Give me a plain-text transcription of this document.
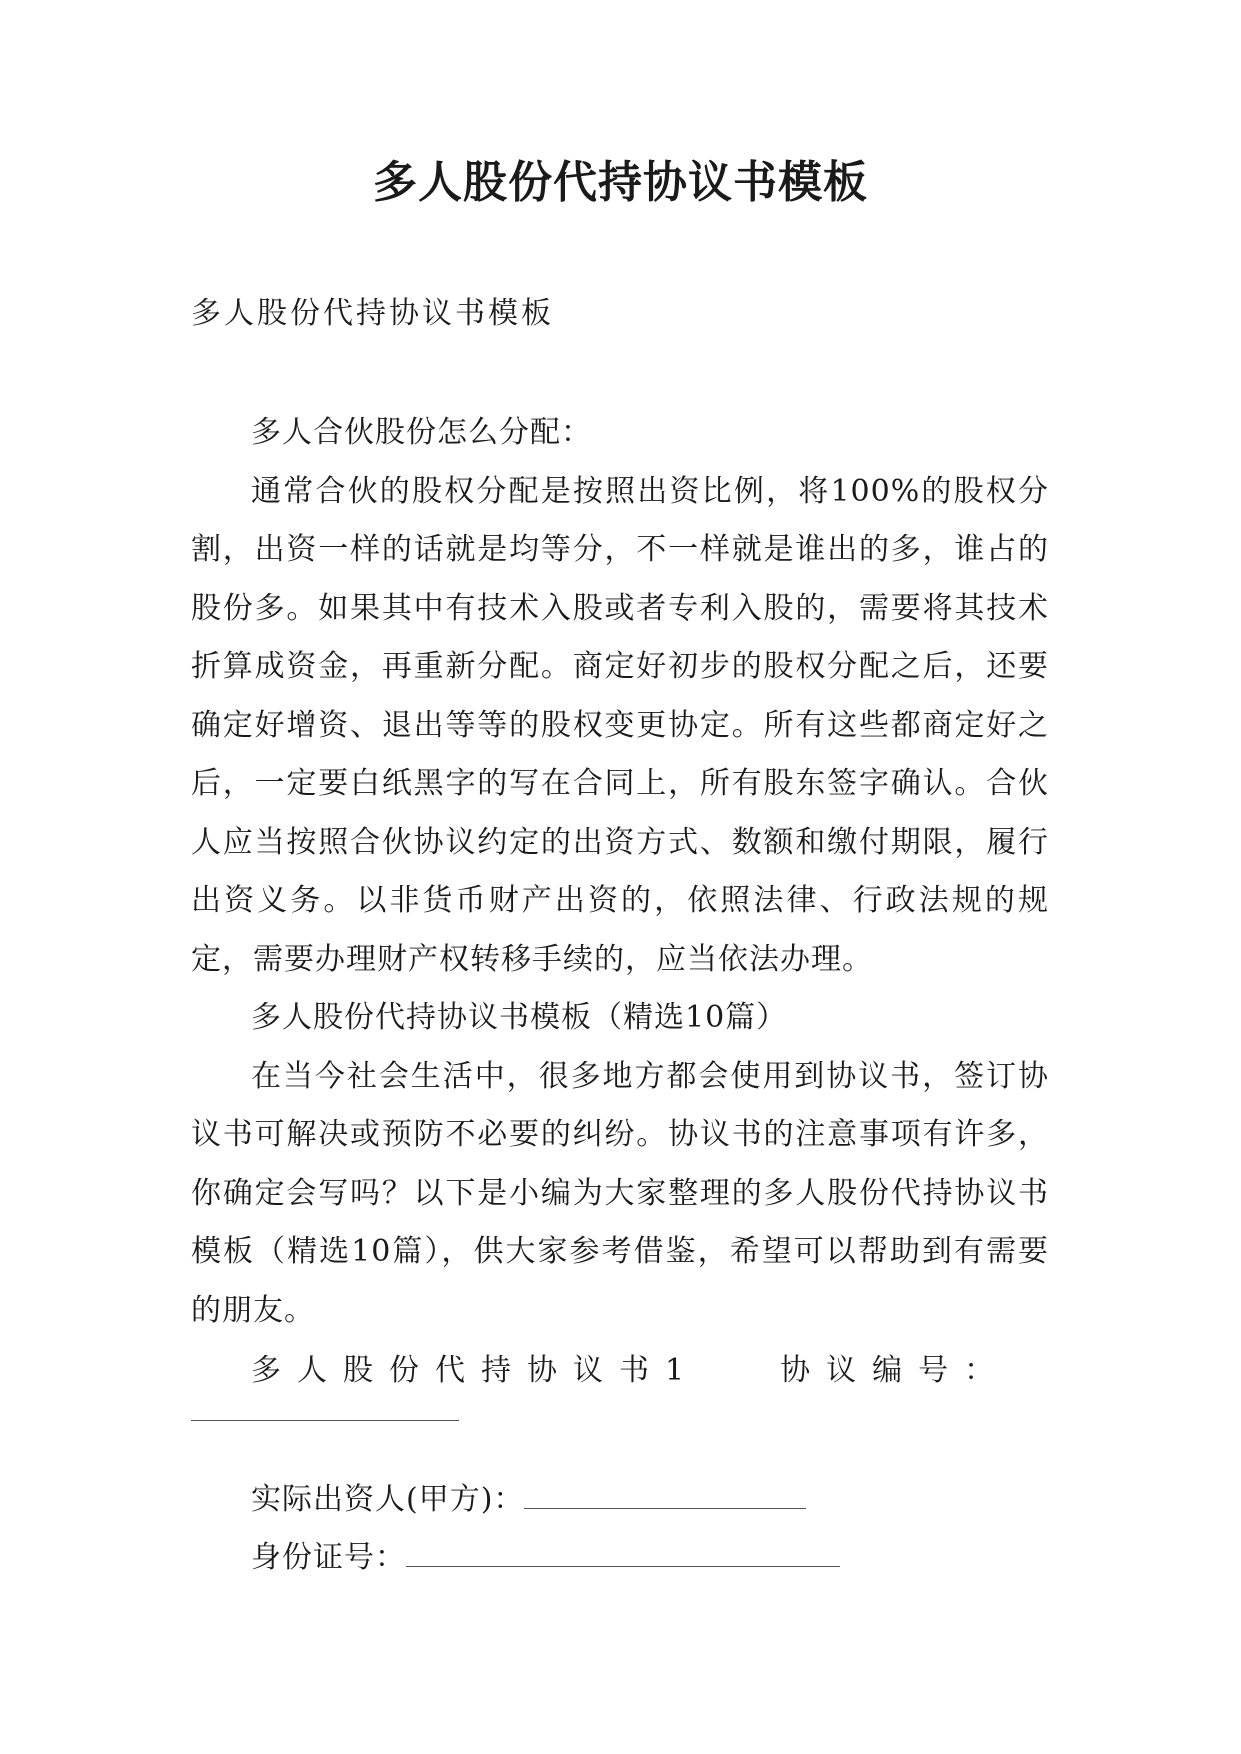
多人股份代持协议书模板
多人股份代持协议书模板

多人合伙股份怎么分配：

通常合伙的股权分配是按照出资比例，将100%的股权分割，出资一样的话就是均等分，不一样就是谁出的多，谁占的股份多。如果其中有技术入股或者专利入股的，需要将其技术折算成资金，再重新分配。商定好初步的股权分配之后，还要确定好增资、退出等等的股权变更协定。所有这些都商定好之后，一定要白纸黑字的写在合同上，所有股东签字确认。合伙人应当按照合伙协议约定的出资方式、数额和缴付期限，履行出资义务。以非货币财产出资的，依照法律、行政法规的规定，需要办理财产权转移手续的，应当依法办理。

多人股份代持协议书模板（精选10篇）

在当今社会生活中，很多地方都会使用到协议书，签订协议书可解决或预防不必要的纠纷。协议书的注意事项有许多，你确定会写吗？以下是小编为大家整理的多人股份代持协议书模板（精选10篇），供大家参考借鉴，希望可以帮助到有需要的朋友。

多人股份代持协议书1	协议编号：
实际出资人(甲方)：
身份证号：
